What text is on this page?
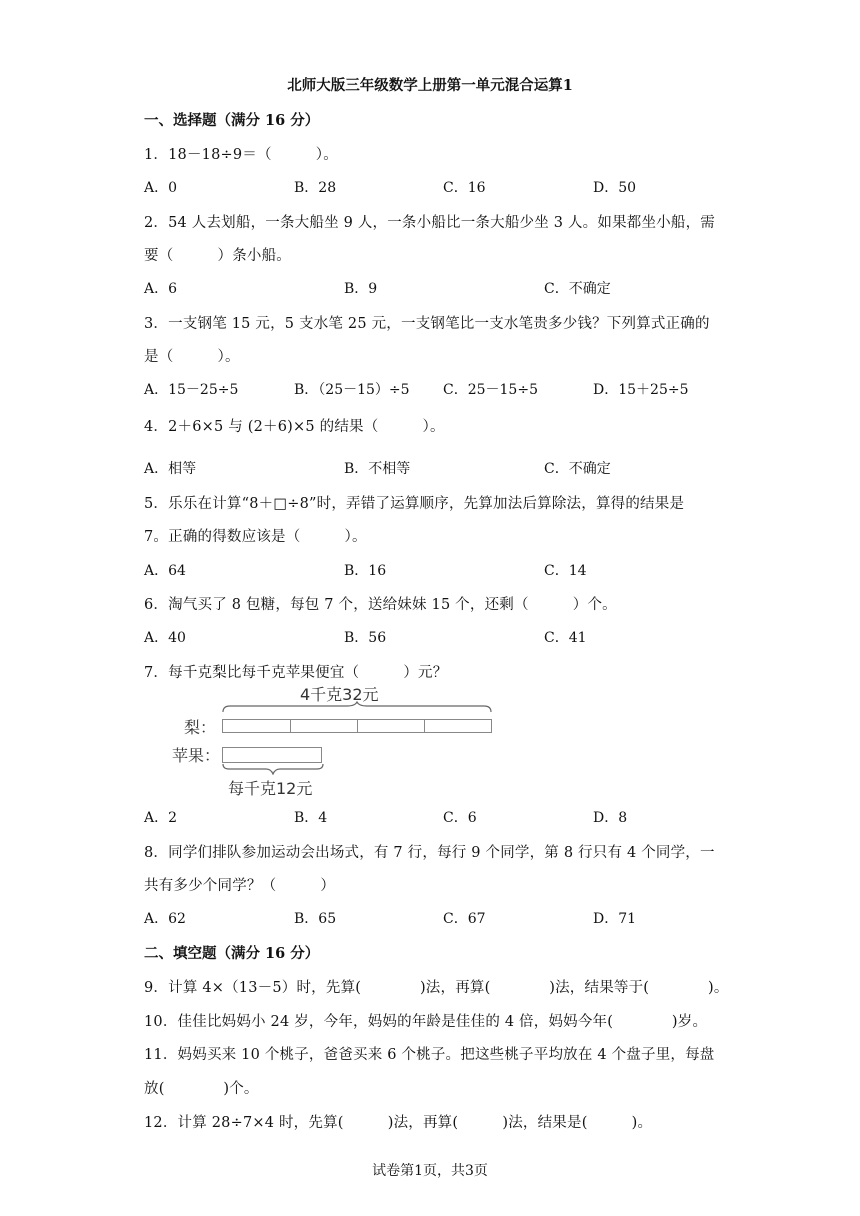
北师大版三年级数学上册第一单元混合运算1
一、选择题（满分 16 分）
1．18－18÷9＝（　　　）。
A．0	B．28	C．16	D．50
2．54 人去划船，一条大船坐 9 人，一条小船比一条大船少坐 3 人。如果都坐小船，需
要（　　　）条小船。
A．6	B．9	C．不确定
3．一支钢笔 15 元，5 支水笔 25 元，一支钢笔比一支水笔贵多少钱？下列算式正确的
是（　　　）。
A．15－25÷5	B．（25－15）÷5 C．25－15÷5	D．15＋25÷5
4．2＋6×5 与 (2＋6)×5 的结果（　　　）。
A．相等	B．不相等	C．不确定
5．乐乐在计算“8＋□÷8”时，弄错了运算顺序，先算加法后算除法，算得的结果是
7。正确的得数应该是（　　　）。
A．64	B．16	C．14
6．淘气买了 8 包糖，每包 7 个，送给妹妹 15 个，还剩（　　　）个。
A．40	B．56	C．41
7．每千克梨比每千克苹果便宜（　　　）元？
4千克32元
梨：
苹果：
每千克12元
A．2	B．4	C．6	D．8
8．同学们排队参加运动会出场式，有 7 行，每行 9 个同学，第 8 行只有 4 个同学，一
共有多少个同学？（　　　）
A．62	B．65	C．67	D．71
二、填空题（满分 16 分）
9．计算 4×（13－5）时，先算(　　　　)法，再算(　　　　)法，结果等于(　　　　)。
10．佳佳比妈妈小 24 岁，今年，妈妈的年龄是佳佳的 4 倍，妈妈今年(　　　　)岁。
11．妈妈买来 10 个桃子，爸爸买来 6 个桃子。把这些桃子平均放在 4 个盘子里，每盘
放(　　　　)个。
12．计算 28÷7×4 时，先算(　　　)法，再算(　　　)法，结果是(　　　)。
试卷第1页，共3页
